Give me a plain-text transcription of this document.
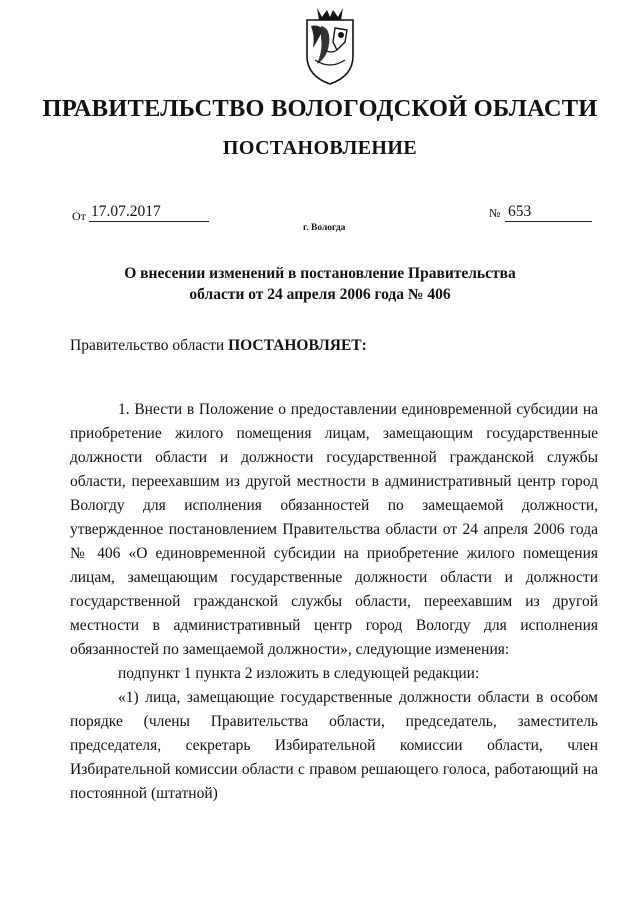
ПРАВИТЕЛЬСТВО ВОЛОГОДСКОЙ ОБЛАСТИ
ПОСТАНОВЛЕНИЕ
От 17.07.2017	№ 653
г. Вологда
О внесении изменений в постановление Правительства
области от 24 апреля 2006 года № 406
Правительство области ПОСТАНОВЛЯЕТ:

1. Внести в Положение о предоставлении единовременной субсидии на приобретение жилого помещения лицам, замещающим государственные должности области и должности государственной гражданской службы области, переехавшим из другой местности в административный центр город Вологду для исполнения обязанностей по замещаемой должности, утвержденное постановлением Правительства области от 24 апреля 2006 года № 406 «О единовременной субсидии на приобретение жилого помещения лицам, замещающим государственные должности области и должности государственной гражданской службы области, переехавшим из другой местности в административный центр город Вологду для исполнения обязанностей по замещаемой должности», следующие изменения:

подпункт 1 пункта 2 изложить в следующей редакции:

«1) лица, замещающие государственные должности области в особом порядке (члены Правительства области, председатель, заместитель председателя, секретарь Избирательной комиссии области, член Избирательной комиссии области с правом решающего голоса, работающий на постоянной (штатной)
